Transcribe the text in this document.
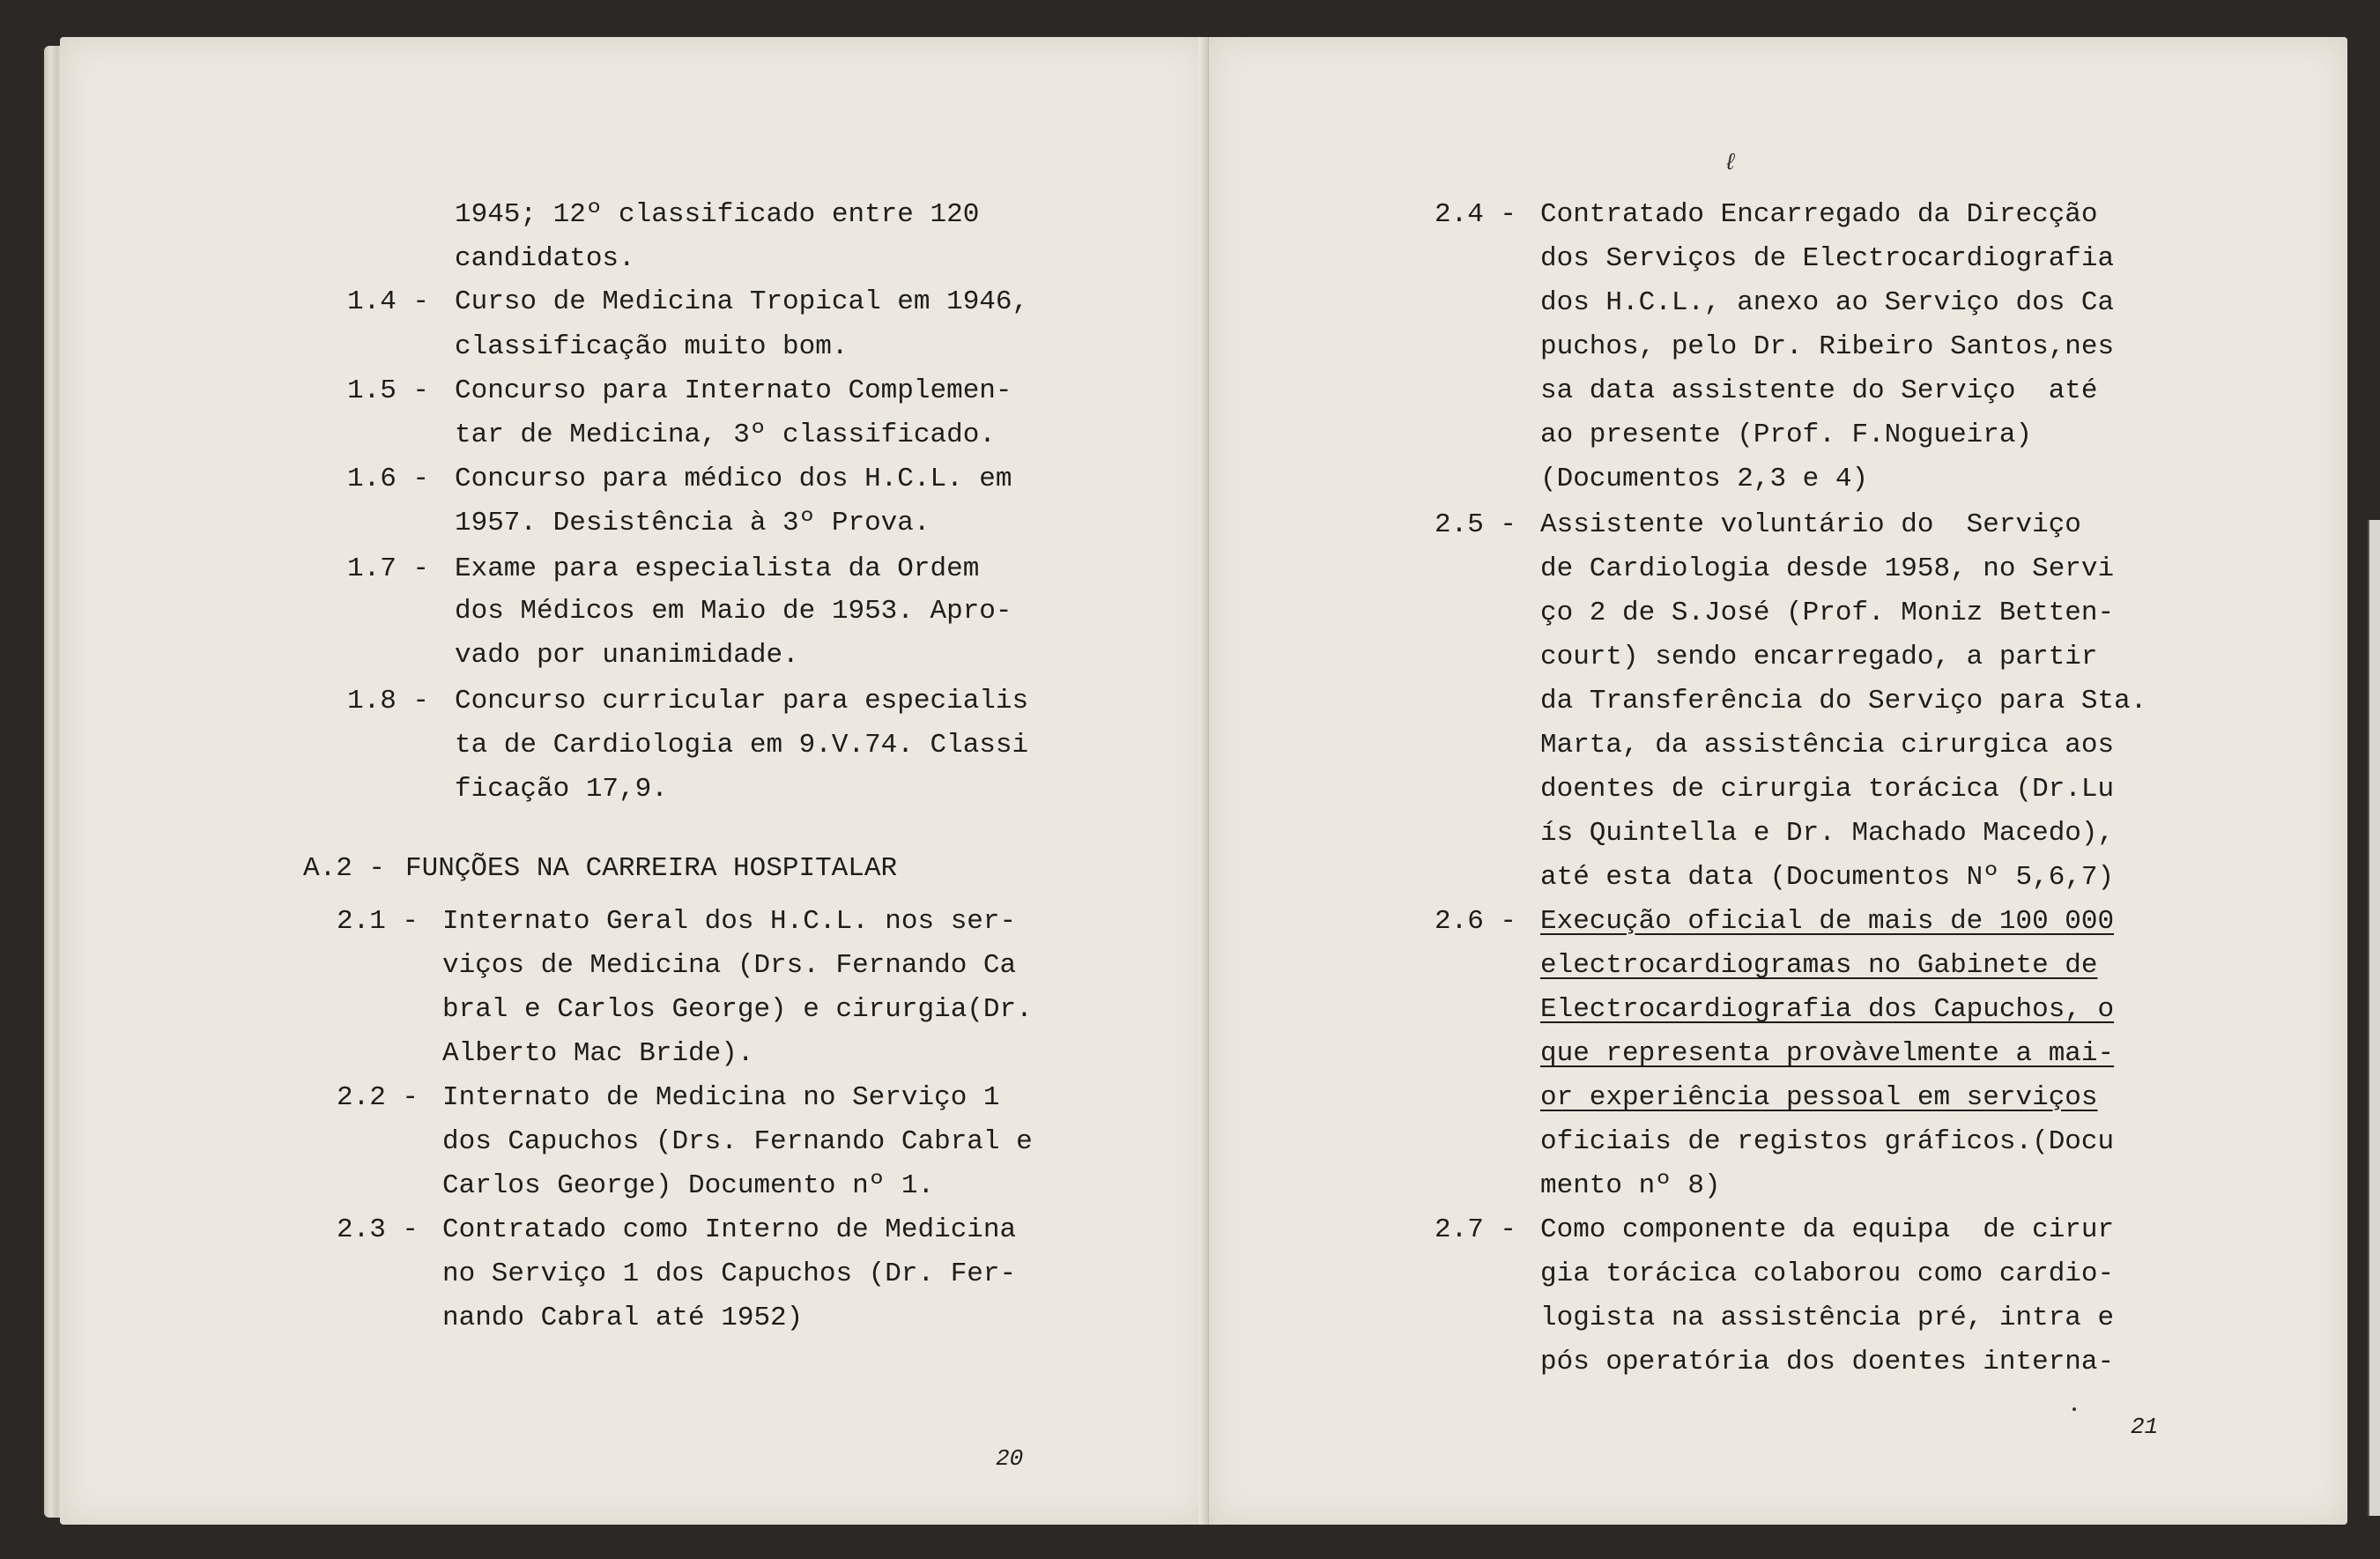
1945; 12º classificado entre 120
candidatos.
1.4 - Curso de Medicina Tropical em 1946,
classificação muito bom.
1.5 - Concurso para Internato Complemen-
tar de Medicina, 3º classificado.
1.6 - Concurso para médico dos H.C.L. em
1957. Desistência à 3º Prova.
1.7 - Exame para especialista da Ordem
dos Médicos em Maio de 1953. Apro-
vado por unanimidade.
1.8 - Concurso curricular para especialis
ta de Cardiologia em 9.V.74. Classi
ficação 17,9.
A.2 - FUNÇÕES NA CARREIRA HOSPITALAR
2.1 - Internato Geral dos H.C.L. nos ser-
viços de Medicina (Drs. Fernando Ca
bral e Carlos George) e cirurgia(Dr.
Alberto Mac Bride).
2.2 - Internato de Medicina no Serviço 1
dos Capuchos (Drs. Fernando Cabral e
Carlos George) Documento nº 1.
2.3 - Contratado como Interno de Medicina
no Serviço 1 dos Capuchos (Dr. Fer-
nando Cabral até 1952)
20
ℓ
2.4 - Contratado Encarregado da Direcção
dos Serviços de Electrocardiografia
dos H.C.L., anexo ao Serviço dos Ca
puchos, pelo Dr. Ribeiro Santos,nes
sa data assistente do Serviço  até
ao presente (Prof. F.Nogueira)
(Documentos 2,3 e 4)
2.5 - Assistente voluntário do  Serviço
de Cardiologia desde 1958, no Servi
ço 2 de S.José (Prof. Moniz Betten-
court) sendo encarregado, a partir
da Transferência do Serviço para Sta.
Marta, da assistência cirurgica aos
doentes de cirurgia torácica (Dr.Lu
ís Quintella e Dr. Machado Macedo),
até esta data (Documentos Nº 5,6,7)
2.6 - Execução oficial de mais de 100 000
electrocardiogramas no Gabinete de
Electrocardiografia dos Capuchos, o
que representa provàvelmente a mai-
or experiência pessoal em serviços
oficiais de registos gráficos.(Docu
mento nº 8)
2.7 - Como componente da equipa  de cirur
gia torácica colaborou como cardio-
logista na assistência pré, intra e
pós operatória dos doentes interna-
21
